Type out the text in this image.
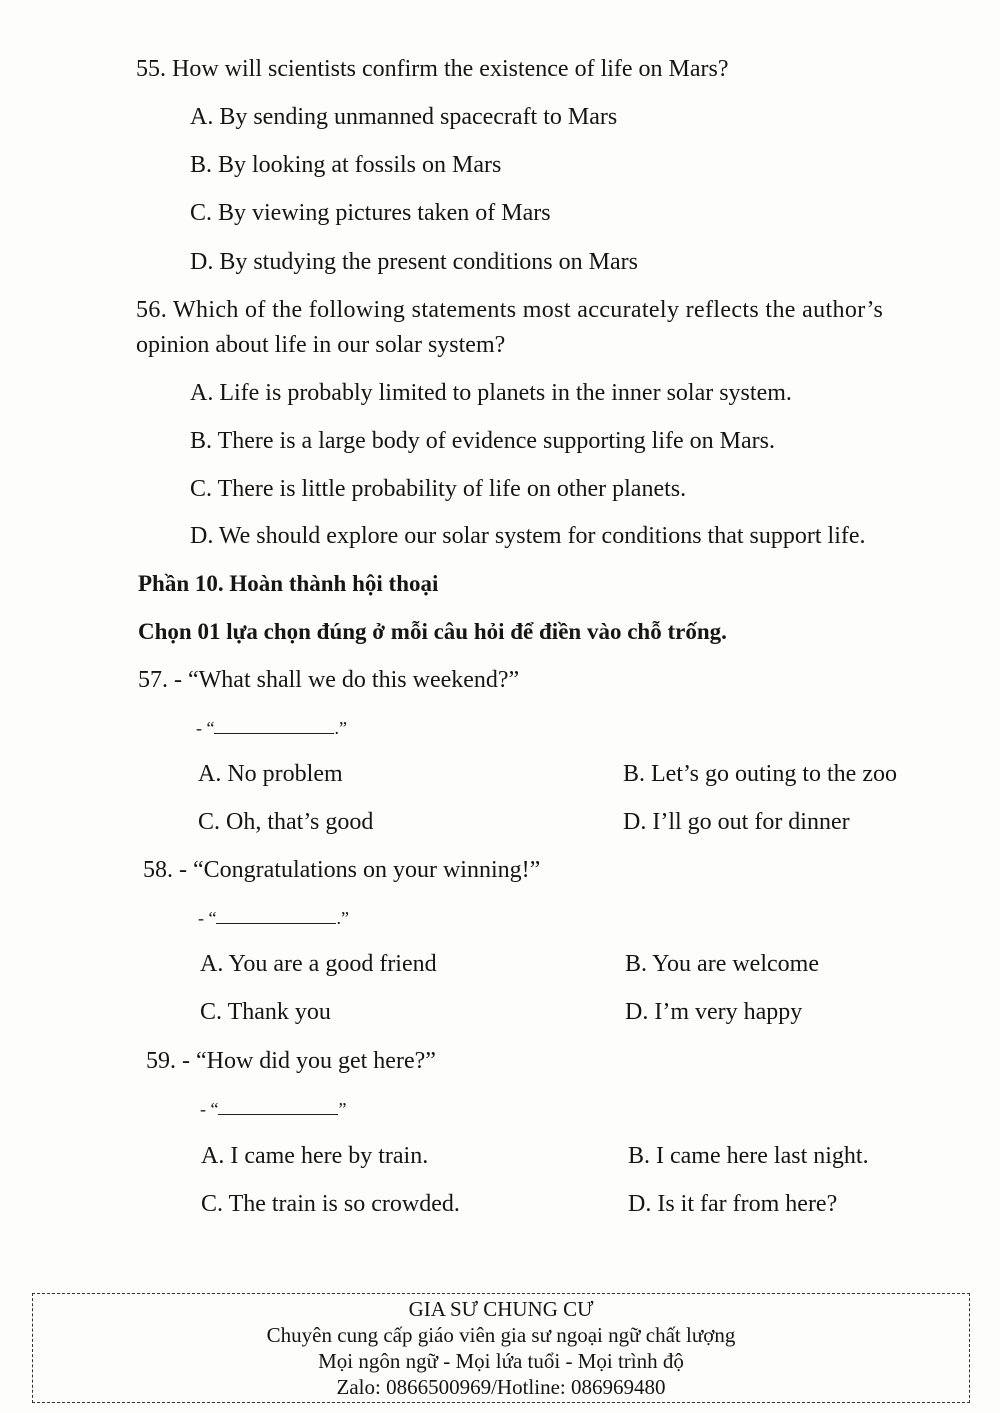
55. How will scientists confirm the existence of life on Mars?
A. By sending unmanned spacecraft to Mars
B. By looking at fossils on Mars
C. By viewing pictures taken of Mars
D. By studying the present conditions on Mars
56. Which of the following statements most accurately reflects the author’s
opinion about life in our solar system?
A. Life is probably limited to planets in the inner solar system.
B. There is a large body of evidence supporting life on Mars.
C. There is little probability of life on other planets.
D. We should explore our solar system for conditions that support life.
Phần 10. Hoàn thành hội thoại
Chọn 01 lựa chọn đúng ở mỗi câu hỏi để điền vào chỗ trống.
57. - “What shall we do this weekend?”
- “	.”
A. No problem	B. Let’s go outing to the zoo
C. Oh, that’s good	D. I’ll go out for dinner
58. - “Congratulations on your winning!”
- “	.”
A. You are a good friend	B. You are welcome
C. Thank you	D. I’m very happy
59. - “How did you get here?”
- “	”
A. I came here by train.	B. I came here last night.
C. The train is so crowded.	D. Is it far from here?
GIA SƯ CHUNG CƯ
Chuyên cung cấp giáo viên gia sư ngoại ngữ chất lượng
Mọi ngôn ngữ - Mọi lứa tuổi - Mọi trình độ
Zalo: 0866500969/Hotline: 086969480
